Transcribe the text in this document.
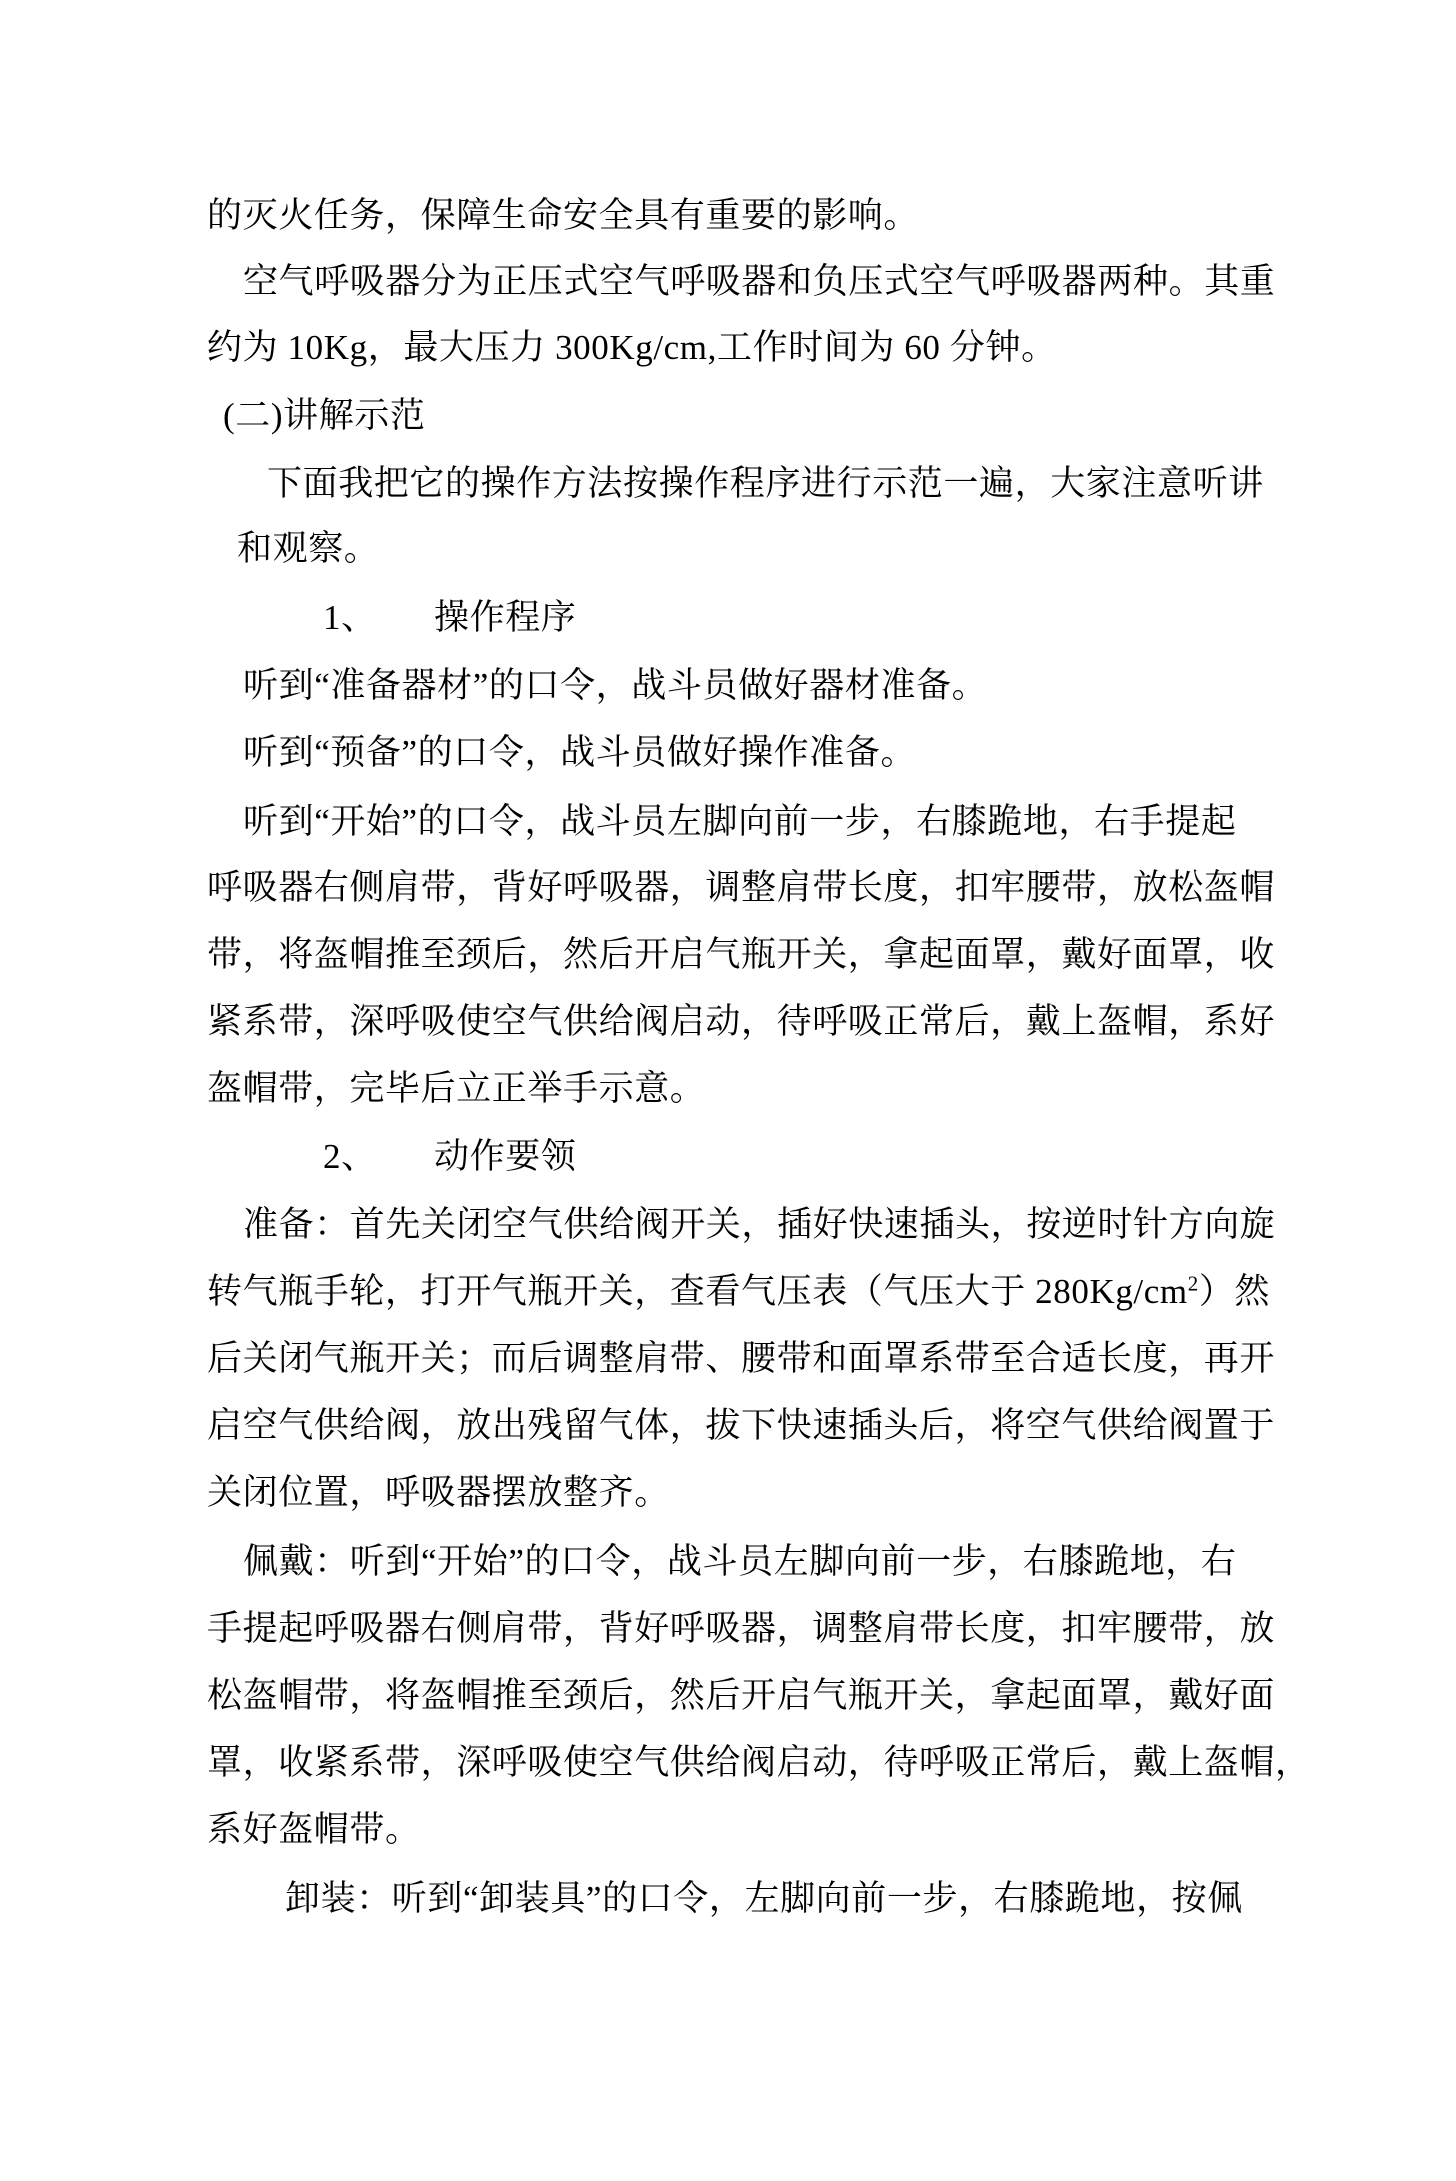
的灭火任务，保障生命安全具有重要的影响。
空气呼吸器分为正压式空气呼吸器和负压式空气呼吸器两种。其重
约为 10Kg，最大压力 300Kg/cm,工作时间为 60 分钟。
(二)讲解示范
下面我把它的操作方法按操作程序进行示范一遍，大家注意听讲
和观察。
1、 操作程序
听到“准备器材”的口令，战斗员做好器材准备。
听到“预备”的口令，战斗员做好操作准备。
听到“开始”的口令，战斗员左脚向前一步，右膝跪地，右手提起
呼吸器右侧肩带，背好呼吸器，调整肩带长度，扣牢腰带，放松盔帽
带，将盔帽推至颈后，然后开启气瓶开关，拿起面罩，戴好面罩，收
紧系带，深呼吸使空气供给阀启动，待呼吸正常后，戴上盔帽，系好
盔帽带，完毕后立正举手示意。
2、 动作要领
准备：首先关闭空气供给阀开关，插好快速插头，按逆时针方向旋
转气瓶手轮，打开气瓶开关，查看气压表（气压大于 $280Kg/cm^2$）然
后关闭气瓶开关；而后调整肩带、腰带和面罩系带至合适长度，再开
启空气供给阀，放出残留气体，拔下快速插头后，将空气供给阀置于
关闭位置，呼吸器摆放整齐。
佩戴：听到“开始”的口令，战斗员左脚向前一步，右膝跪地，右
手提起呼吸器右侧肩带，背好呼吸器，调整肩带长度，扣牢腰带，放
松盔帽带，将盔帽推至颈后，然后开启气瓶开关，拿起面罩，戴好面
罩，收紧系带，深呼吸使空气供给阀启动，待呼吸正常后，戴上盔帽，
系好盔帽带。
卸装：听到“卸装具”的口令，左脚向前一步，右膝跪地，按佩
